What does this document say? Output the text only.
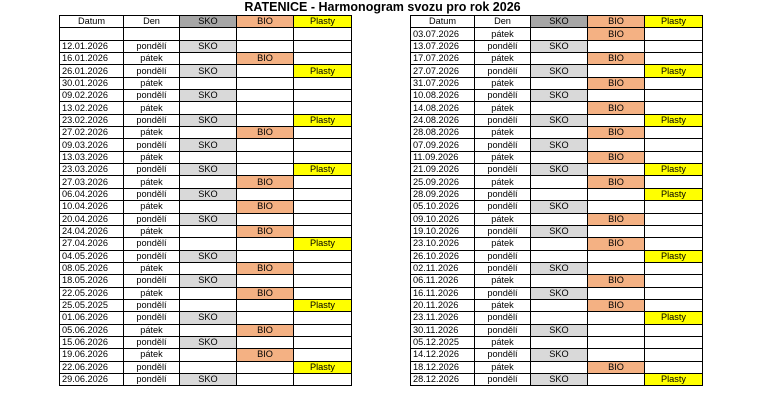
RATENICE - Harmonogram svozu pro rok 2026
Datum	Den	SKO	BIO	Plasty

12.01.2026	pondělí	SKO		
16.01.2026	pátek		BIO	
26.01.2026	pondělí	SKO		Plasty
30.01.2026	pátek			
09.02.2026	pondělí	SKO		
13.02.2026	pátek			
23.02.2026	pondělí	SKO		Plasty
27.02.2026	pátek		BIO	
09.03.2026	pondělí	SKO		
13.03.2026	pátek			
23.03.2026	pondělí	SKO		Plasty
27.03.2026	pátek		BIO	
06.04.2026	pondělí	SKO		
10.04.2026	pátek		BIO	
20.04.2026	pondělí	SKO		
24.04.2026	pátek		BIO	
27.04.2026	pondělí			Plasty
04.05.2026	pondělí	SKO		
08.05.2026	pátek		BIO	
18.05.2026	pondělí	SKO		
22.05.2026	pátek		BIO	
25.05.2025	pondělí			Plasty
01.06.2026	pondělí	SKO		
05.06.2026	pátek		BIO	
15.06.2026	pondělí	SKO		
19.06.2026	pátek		BIO	
22.06.2026	pondělí			Plasty
29.06.2026	pondělí	SKO		
Datum	Den	SKO	BIO	Plasty
03.07.2026	pátek		BIO	
13.07.2026	pondělí	SKO		
17.07.2026	pátek		BIO	
27.07.2026	pondělí	SKO		Plasty
31.07.2026	pátek		BIO	
10.08.2026	pondělí	SKO		
14.08.2026	pátek		BIO	
24.08.2026	pondělí	SKO		Plasty
28.08.2026	pátek		BIO	
07.09.2026	pondělí	SKO		
11.09.2026	pátek		BIO	
21.09.2026	pondělí	SKO		Plasty
25.09.2026	pátek		BIO	
28.09.2026	pondělí			Plasty
05.10.2026	pondělí	SKO		
09.10.2026	pátek		BIO	
19.10.2026	pondělí	SKO		
23.10.2026	pátek		BIO	
26.10.2026	pondělí			Plasty
02.11.2026	pondělí	SKO		
06.11.2026	pátek		BIO	
16.11.2026	pondělí	SKO		
20.11.2026	pátek		BIO	
23.11.2026	pondělí			Plasty
30.11.2026	pondělí	SKO		
05.12.2025	pátek			
14.12.2026	pondělí	SKO		
18.12.2026	pátek		BIO	
28.12.2026	pondělí	SKO		Plasty
